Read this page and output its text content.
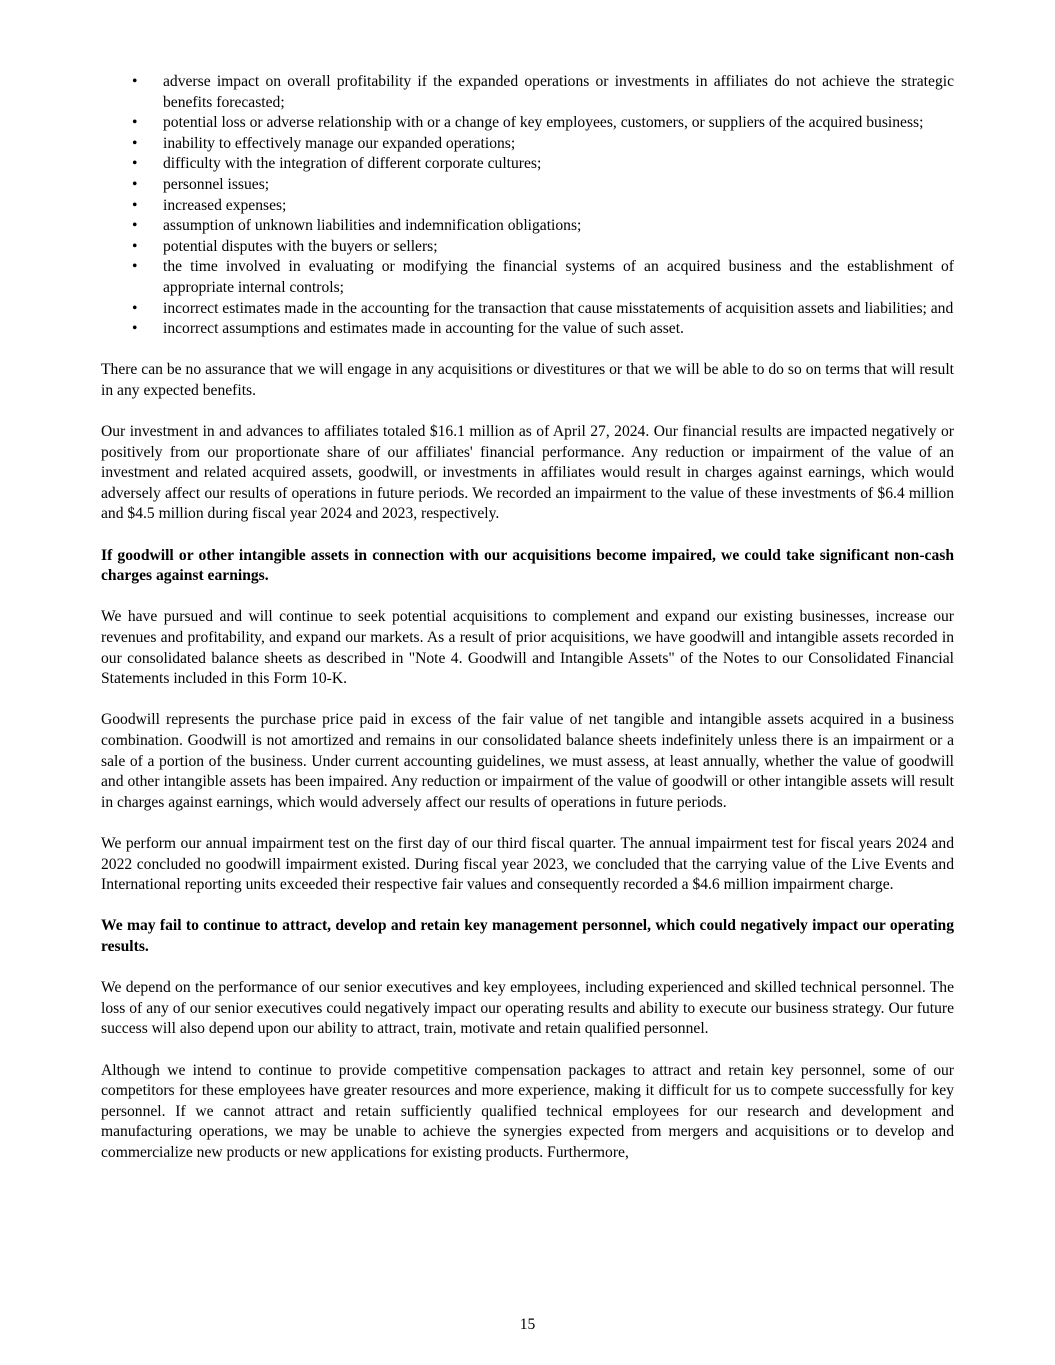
• adverse impact on overall profitability if the expanded operations or investments in affiliates do not achieve the strategic benefits forecasted;
• potential loss or adverse relationship with or a change of key employees, customers, or suppliers of the acquired business;
• inability to effectively manage our expanded operations;
• difficulty with the integration of different corporate cultures;
• personnel issues;
• increased expenses;
• assumption of unknown liabilities and indemnification obligations;
• potential disputes with the buyers or sellers;
• the time involved in evaluating or modifying the financial systems of an acquired business and the establishment of appropriate internal controls;
• incorrect estimates made in the accounting for the transaction that cause misstatements of acquisition assets and liabilities; and
• incorrect assumptions and estimates made in accounting for the value of such asset.

There can be no assurance that we will engage in any acquisitions or divestitures or that we will be able to do so on terms that will result in any expected benefits.

Our investment in and advances to affiliates totaled $16.1 million as of April 27, 2024. Our financial results are impacted negatively or positively from our proportionate share of our affiliates' financial performance. Any reduction or impairment of the value of an investment and related acquired assets, goodwill, or investments in affiliates would result in charges against earnings, which would adversely affect our results of operations in future periods. We recorded an impairment to the value of these investments of $6.4 million and $4.5 million during fiscal year 2024 and 2023, respectively.

If goodwill or other intangible assets in connection with our acquisitions become impaired, we could take significant non-cash charges against earnings.

We have pursued and will continue to seek potential acquisitions to complement and expand our existing businesses, increase our revenues and profitability, and expand our markets. As a result of prior acquisitions, we have goodwill and intangible assets recorded in our consolidated balance sheets as described in "Note 4. Goodwill and Intangible Assets" of the Notes to our Consolidated Financial Statements included in this Form 10-K.

Goodwill represents the purchase price paid in excess of the fair value of net tangible and intangible assets acquired in a business combination. Goodwill is not amortized and remains in our consolidated balance sheets indefinitely unless there is an impairment or a sale of a portion of the business. Under current accounting guidelines, we must assess, at least annually, whether the value of goodwill and other intangible assets has been impaired. Any reduction or impairment of the value of goodwill or other intangible assets will result in charges against earnings, which would adversely affect our results of operations in future periods.

We perform our annual impairment test on the first day of our third fiscal quarter. The annual impairment test for fiscal years 2024 and 2022 concluded no goodwill impairment existed. During fiscal year 2023, we concluded that the carrying value of the Live Events and International reporting units exceeded their respective fair values and consequently recorded a $4.6 million impairment charge.

We may fail to continue to attract, develop and retain key management personnel, which could negatively impact our operating results.

We depend on the performance of our senior executives and key employees, including experienced and skilled technical personnel. The loss of any of our senior executives could negatively impact our operating results and ability to execute our business strategy. Our future success will also depend upon our ability to attract, train, motivate and retain qualified personnel.

Although we intend to continue to provide competitive compensation packages to attract and retain key personnel, some of our competitors for these employees have greater resources and more experience, making it difficult for us to compete successfully for key personnel. If we cannot attract and retain sufficiently qualified technical employees for our research and development and manufacturing operations, we may be unable to achieve the synergies expected from mergers and acquisitions or to develop and commercialize new products or new applications for existing products. Furthermore,

15
